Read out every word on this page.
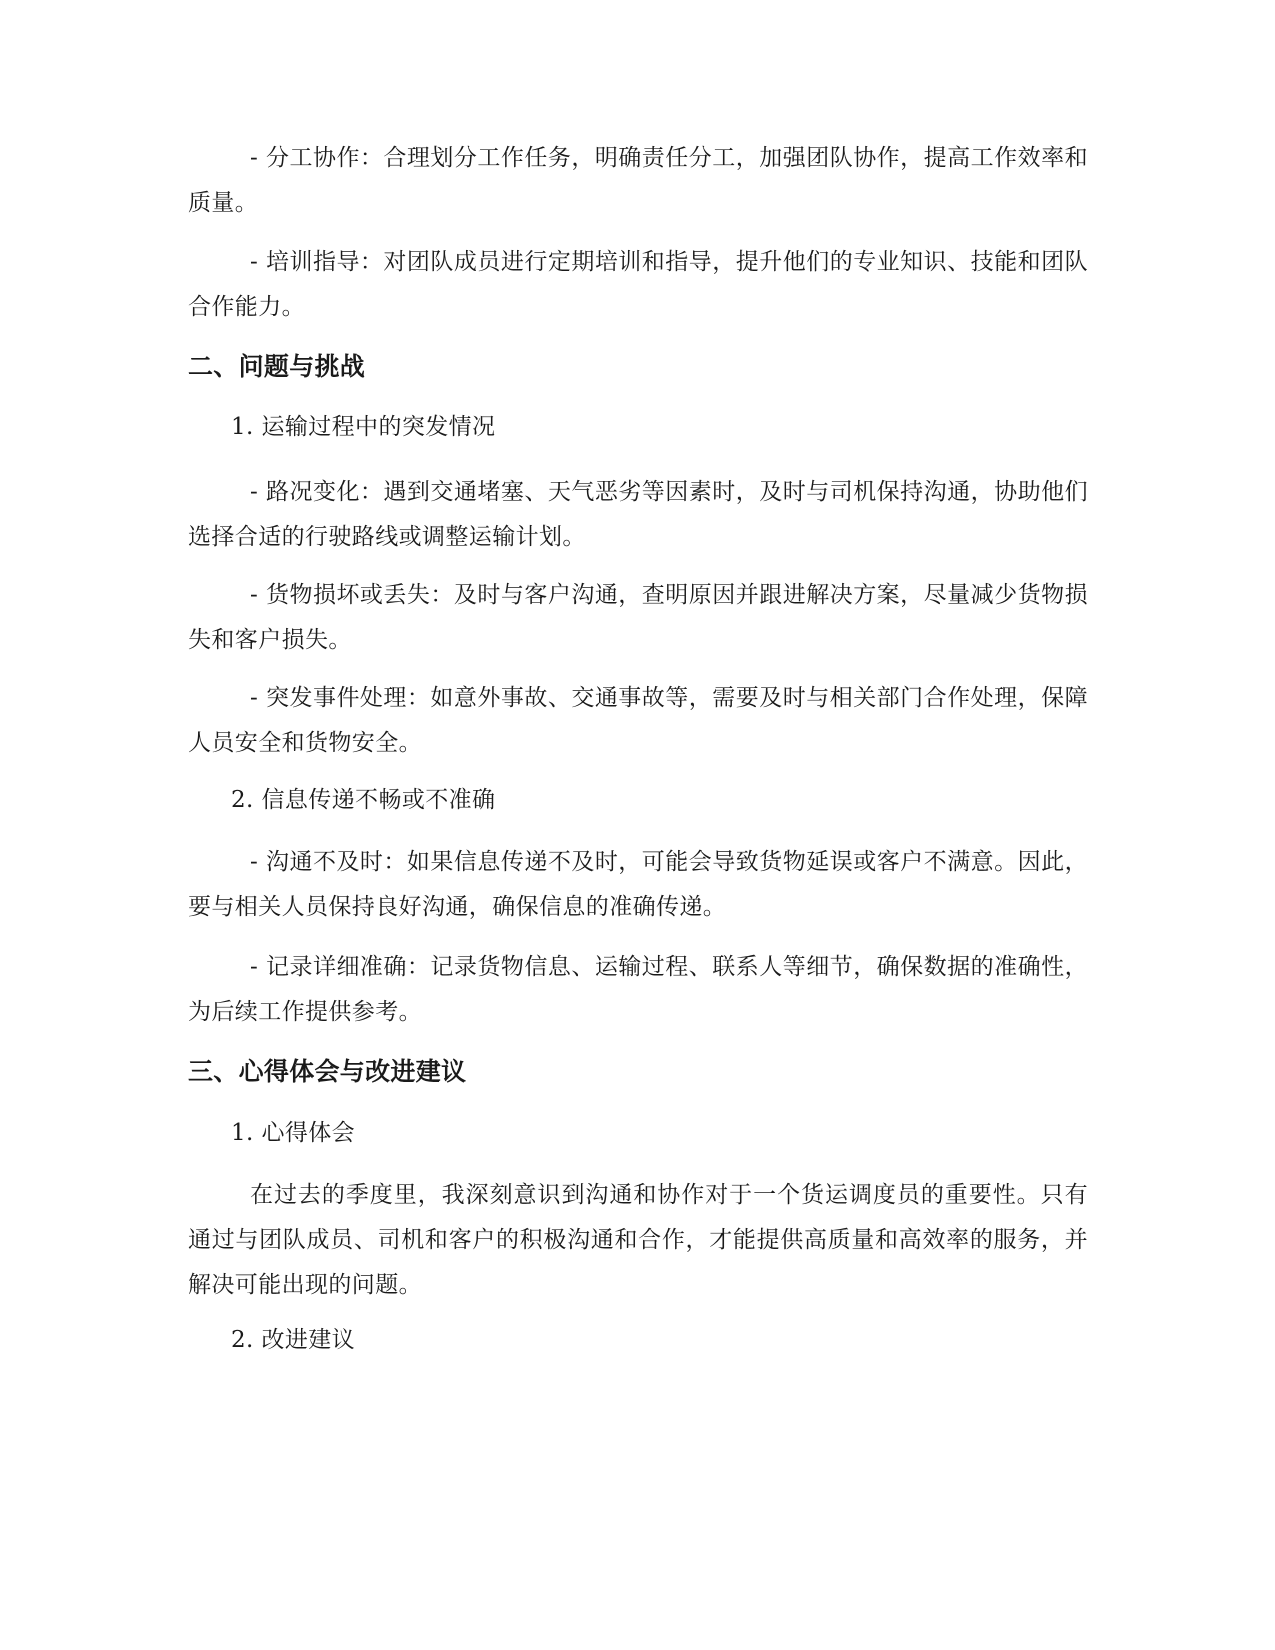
- 分工协作：合理划分工作任务，明确责任分工，加强团队协作，提高工作效率和质量。

- 培训指导：对团队成员进行定期培训和指导，提升他们的专业知识、技能和团队合作能力。

二、问题与挑战

1. 运输过程中的突发情况

- 路况变化：遇到交通堵塞、天气恶劣等因素时，及时与司机保持沟通，协助他们选择合适的行驶路线或调整运输计划。

- 货物损坏或丢失：及时与客户沟通，查明原因并跟进解决方案，尽量减少货物损失和客户损失。

- 突发事件处理：如意外事故、交通事故等，需要及时与相关部门合作处理，保障人员安全和货物安全。

2. 信息传递不畅或不准确

- 沟通不及时：如果信息传递不及时，可能会导致货物延误或客户不满意。因此，要与相关人员保持良好沟通，确保信息的准确传递。

- 记录详细准确：记录货物信息、运输过程、联系人等细节，确保数据的准确性，为后续工作提供参考。

三、心得体会与改进建议

1. 心得体会

在过去的季度里，我深刻意识到沟通和协作对于一个货运调度员的重要性。只有通过与团队成员、司机和客户的积极沟通和合作，才能提供高质量和高效率的服务，并解决可能出现的问题。

2. 改进建议
